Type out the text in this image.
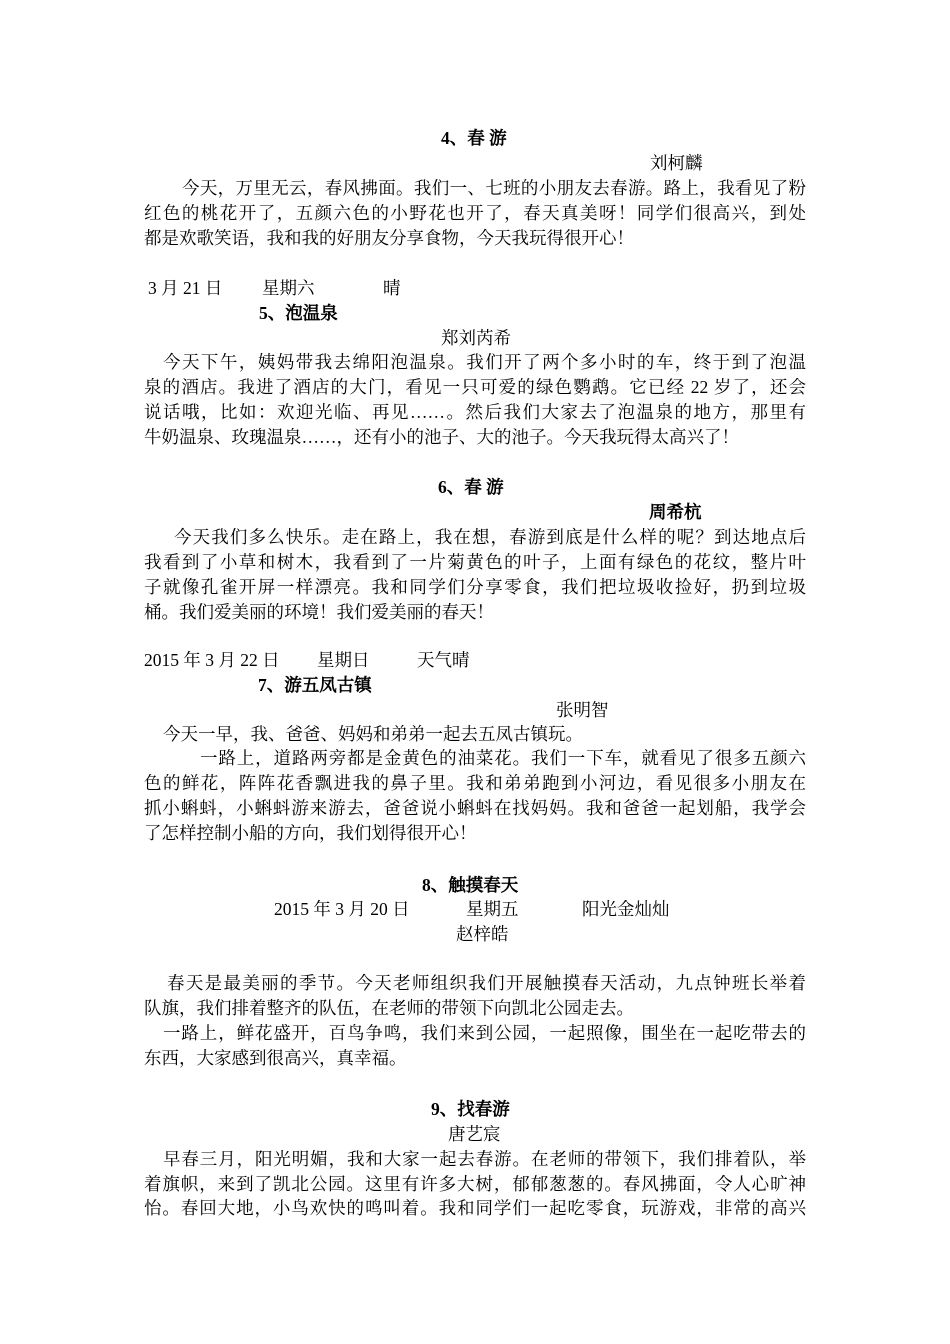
4、春 游
刘柯麟
今天，万里无云，春风拂面。我们一、七班的小朋友去春游。路上，我看见了粉
红色的桃花开了，五颜六色的小野花也开了，春天真美呀！同学们很高兴，到处
都是欢歌笑语，我和我的好朋友分享食物，今天我玩得很开心！
3 月 21 日 星期六	晴
5、泡温泉
郑刘芮希
今天下午，姨妈带我去绵阳泡温泉。我们开了两个多小时的车，终于到了泡温
泉的酒店。我进了酒店的大门，看见一只可爱的绿色鹦鹉。它已经 22 岁了，还会
说话哦，比如：欢迎光临、再见……。然后我们大家去了泡温泉的地方，那里有
牛奶温泉、玫瑰温泉……，还有小的池子、大的池子。今天我玩得太高兴了！
6、春 游
周希杭
今天我们多么快乐。走在路上，我在想，春游到底是什么样的呢？到达地点后
我看到了小草和树木，我看到了一片菊黄色的叶子，上面有绿色的花纹，整片叶
子就像孔雀开屏一样漂亮。我和同学们分享零食，我们把垃圾收捡好，扔到垃圾
桶。我们爱美丽的环境！我们爱美丽的春天！
2015 年 3 月 22 日 星期日	天气晴
7、游五凤古镇
张明智
今天一早，我、爸爸、妈妈和弟弟一起去五凤古镇玩。
一路上，道路两旁都是金黄色的油菜花。我们一下车，就看见了很多五颜六
色的鲜花，阵阵花香飘进我的鼻子里。我和弟弟跑到小河边，看见很多小朋友在
抓小蝌蚪，小蝌蚪游来游去，爸爸说小蝌蚪在找妈妈。我和爸爸一起划船，我学会
了怎样控制小船的方向，我们划得很开心！
8、触摸春天
2015 年 3 月 20 日	星期五	阳光金灿灿
赵梓皓
春天是最美丽的季节。今天老师组织我们开展触摸春天活动，九点钟班长举着
队旗，我们排着整齐的队伍，在老师的带领下向凯北公园走去。
一路上，鲜花盛开，百鸟争鸣，我们来到公园，一起照像，围坐在一起吃带去的
东西，大家感到很高兴，真幸福。
9、找春游
唐艺宸
早春三月，阳光明媚，我和大家一起去春游。在老师的带领下，我们排着队，举
着旗帜，来到了凯北公园。这里有许多大树，郁郁葱葱的。春风拂面，令人心旷神
怡。春回大地，小鸟欢快的鸣叫着。我和同学们一起吃零食，玩游戏，非常的高兴
